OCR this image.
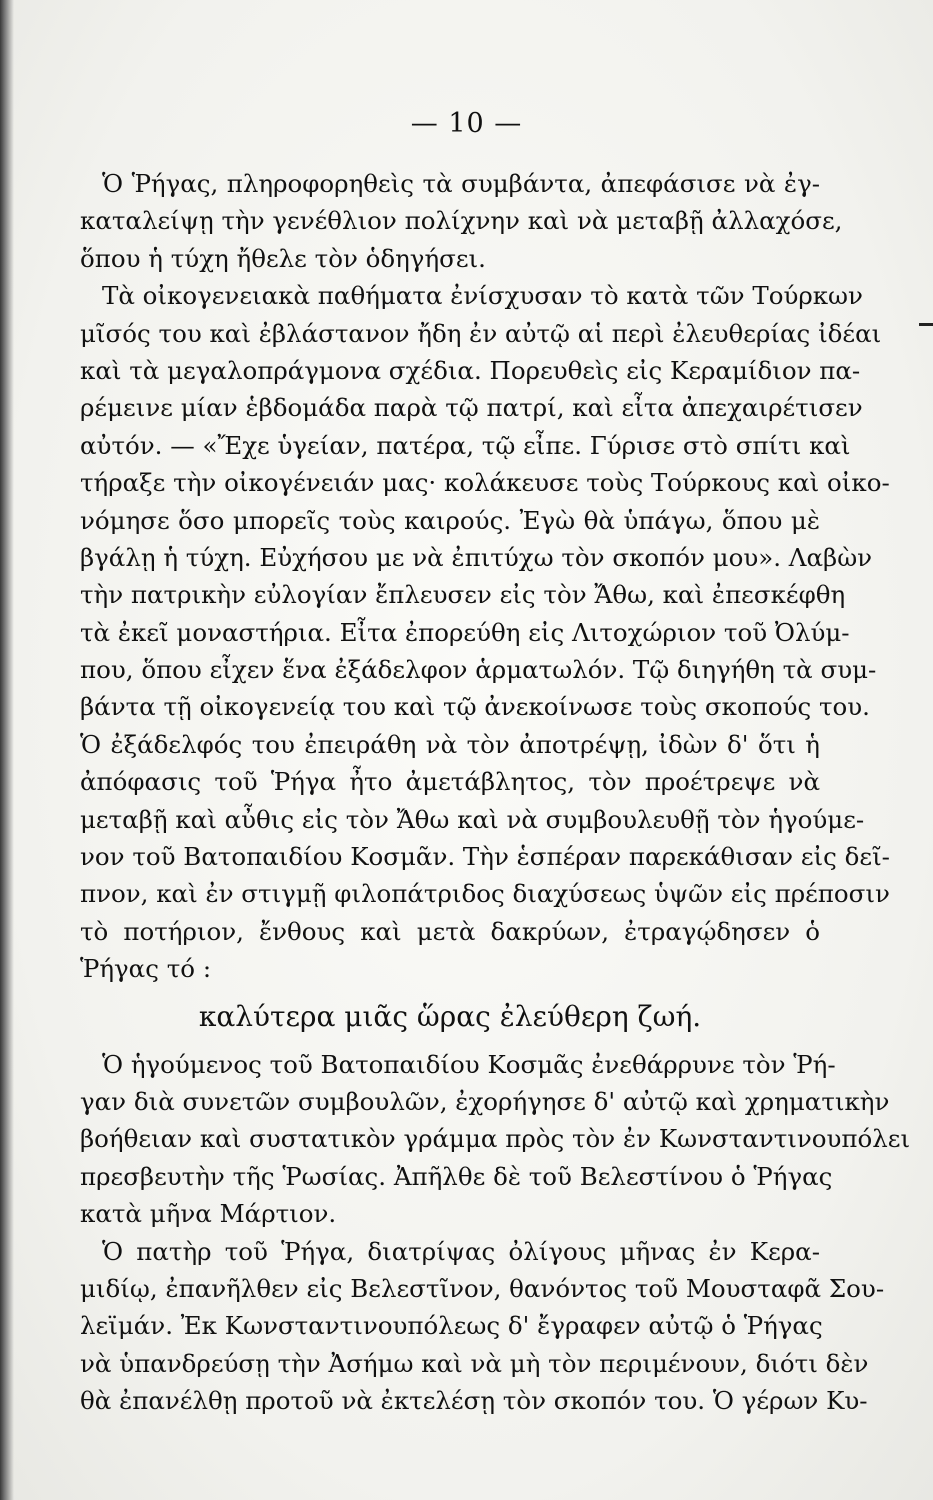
— 10 —
Ὁ Ῥήγας, πληροφορηθεὶς τὰ συμβάντα, ἀπεφάσισε νὰ ἐγ-
καταλείψῃ τὴν γενέθλιον πολίχνην καὶ νὰ μεταβῇ ἀλλαχόσε,
ὅπου ἡ τύχη ἤθελε τὸν ὁδηγήσει.
Τὰ οἰκογενειακὰ παθήματα ἐνίσχυσαν τὸ κατὰ τῶν Τούρκων
μῖσός του καὶ ἐβλάστανον ἤδη ἐν αὐτῷ αἱ περὶ ἐλευθερίας ἰδέαι
καὶ τὰ μεγαλοπράγμονα σχέδια. Πορευθεὶς εἰς Κεραμίδιον πα-
ρέμεινε μίαν ἑβδομάδα παρὰ τῷ πατρί, καὶ εἶτα ἀπεχαιρέτισεν
αὐτόν. — «Ἔχε ὑγείαν, πατέρα, τῷ εἶπε. Γύρισε στὸ σπίτι καὶ
τήραξε τὴν οἰκογένειάν μας· κολάκευσε τοὺς Τούρκους καὶ οἰκο-
νόμησε ὅσο μπορεῖς τοὺς καιρούς. Ἐγὼ θὰ ὑπάγω, ὅπου μὲ
βγάλῃ ἡ τύχη. Εὐχήσου με νὰ ἐπιτύχω τὸν σκοπόν μου». Λαβὼν
τὴν πατρικὴν εὐλογίαν ἔπλευσεν εἰς τὸν Ἄθω, καὶ ἐπεσκέφθη
τὰ ἐκεῖ μοναστήρια. Εἶτα ἐπορεύθη εἰς Λιτοχώριον τοῦ Ὀλύμ-
που, ὅπου εἶχεν ἕνα ἐξάδελφον ἁρματωλόν. Τῷ διηγήθη τὰ συμ-
βάντα τῇ οἰκογενείᾳ του καὶ τῷ ἀνεκοίνωσε τοὺς σκοπούς του.
Ὁ ἐξάδελφός του ἐπειράθη νὰ τὸν ἀποτρέψῃ, ἰδὼν δ' ὅτι ἡ
ἀπόφασις τοῦ Ῥήγα ἦτο ἀμετάβλητος, τὸν προέτρεψε νὰ
μεταβῇ καὶ αὖθις εἰς τὸν Ἄθω καὶ νὰ συμβουλευθῇ τὸν ἡγούμε-
νον τοῦ Βατοπαιδίου Κοσμᾶν. Τὴν ἑσπέραν παρεκάθισαν εἰς δεῖ-
πνον, καὶ ἐν στιγμῇ φιλοπάτριδος διαχύσεως ὑψῶν εἰς πρέποσιν
τὸ ποτήριον, ἔνθους καὶ μετὰ δακρύων, ἐτραγῴδησεν ὁ
Ῥήγας τό :
καλύτερα μιᾶς ὥρας ἐλεύθερη ζωή.
Ὁ ἡγούμενος τοῦ Βατοπαιδίου Κοσμᾶς ἐνεθάρρυνε τὸν Ῥή-
γαν διὰ συνετῶν συμβουλῶν, ἐχορήγησε δ' αὐτῷ καὶ χρηματικὴν
βοήθειαν καὶ συστατικὸν γράμμα πρὸς τὸν ἐν Κωνσταντινουπόλει
πρεσβευτὴν τῆς Ῥωσίας. Ἀπῆλθε δὲ τοῦ Βελεστίνου ὁ Ῥήγας
κατὰ μῆνα Μάρτιον.
Ὁ πατὴρ τοῦ Ῥήγα, διατρίψας ὀλίγους μῆνας ἐν Κερα-
μιδίῳ, ἐπανῆλθεν εἰς Βελεστῖνον, θανόντος τοῦ Μουσταφᾶ Σου-
λεϊμάν. Ἐκ Κωνσταντινουπόλεως δ' ἔγραφεν αὐτῷ ὁ Ῥήγας
νὰ ὑπανδρεύσῃ τὴν Ἀσήμω καὶ νὰ μὴ τὸν περιμένουν, διότι δὲν
θὰ ἐπανέλθῃ προτοῦ νὰ ἐκτελέσῃ τὸν σκοπόν του. Ὁ γέρων Κυ-
